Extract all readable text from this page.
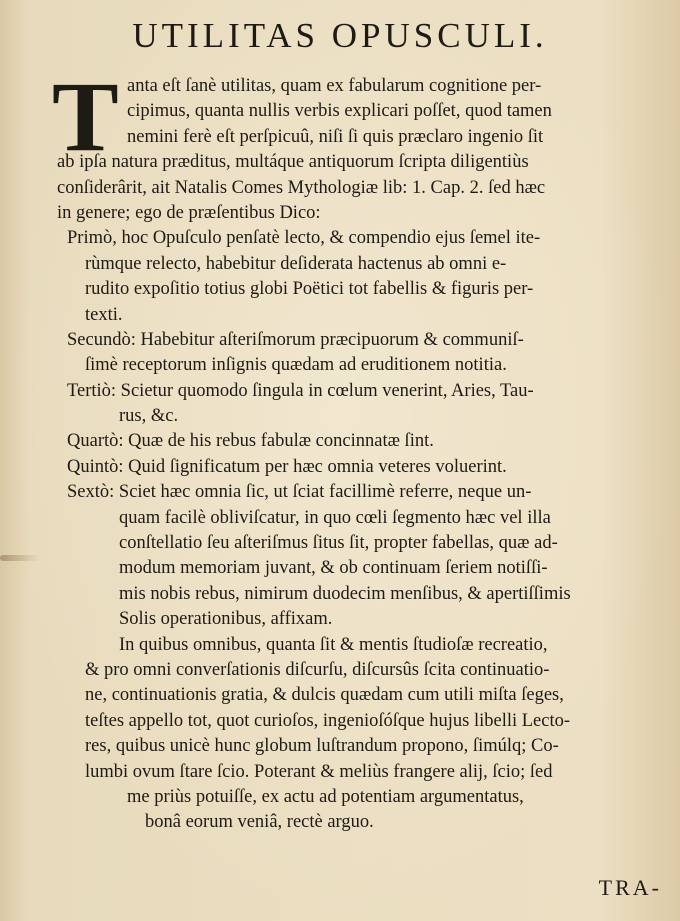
UTILITAS OPUSCULI.
T anta eſt ſanè utilitas, quam ex fabularum cognitione per-
cipimus, quanta nullis verbis explicari poſſet, quod tamen
nemini ferè eſt perſpicuû, niſi ſi quis præclaro ingenio ſit
ab ipſa natura præditus, multáque antiquorum ſcripta diligentiùs
conſiderârit, ait Natalis Comes Mythologiæ lib: 1. Cap. 2. ſed hæc
in genere; ego de præſentibus Dico:
Primò, hoc Opuſculo penſatè lecto, & compendio ejus ſemel ite-
rùmque relecto, habebitur deſiderata hactenus ab omni e-
rudito expoſitio totius globi Poëtici tot fabellis & figuris per-
texti.
Secundò: Habebitur aſteriſmorum præcipuorum & communiſ-
ſimè receptorum inſignis quædam ad eruditionem notitia.
Tertiò: Scietur quomodo ſingula in cœlum venerint, Aries, Tau-
rus, &c.
Quartò: Quæ de his rebus fabulæ concinnatæ ſint.
Quintò: Quid ſignificatum per hæc omnia veteres voluerint.
Sextò: Sciet hæc omnia ſic, ut ſciat facillimè referre, neque un-
quam facilè obliviſcatur, in quo cœli ſegmento hæc vel illa
conſtellatio ſeu aſteriſmus ſitus ſit, propter fabellas, quæ ad-
modum memoriam juvant, & ob continuam ſeriem notiſſi-
mis nobis rebus, nimirum duodecim menſibus, & apertiſſimis
Solis operationibus, affixam.
In quibus omnibus, quanta ſit & mentis ſtudioſæ recreatio,
& pro omni converſationis diſcurſu, diſcursûs ſcita continuatio-
ne, continuationis gratia, & dulcis quædam cum utili miſta ſeges,
teſtes appello tot, quot curioſos, ingenioſóſque hujus libelli Lecto-
res, quibus unicè hunc globum luſtrandum propono, ſimúlq; Co-
lumbi ovum ſtare ſcio. Poterant & meliùs frangere alij, ſcio; ſed
me priùs potuiſſe, ex actu ad potentiam argumentatus,
bonâ eorum veniâ, rectè arguo.
TRA-
